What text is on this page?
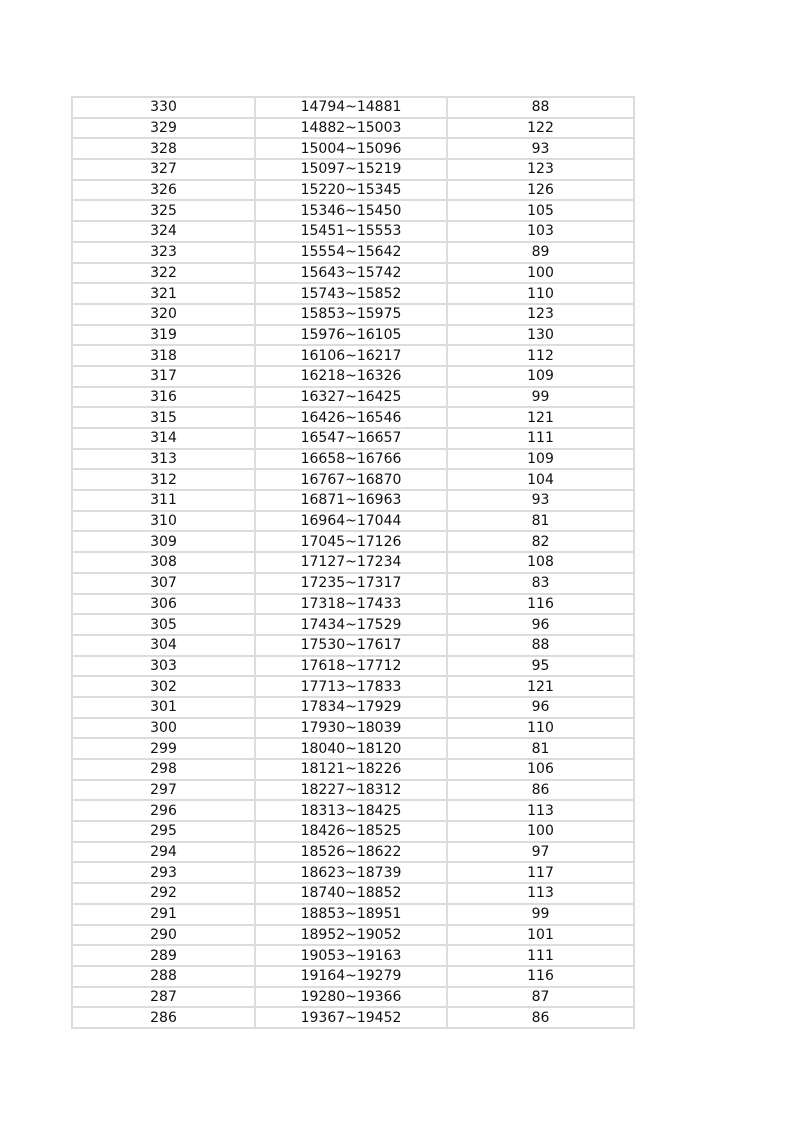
330	14794~14881	88
329	14882~15003	122
328	15004~15096	93
327	15097~15219	123
326	15220~15345	126
325	15346~15450	105
324	15451~15553	103
323	15554~15642	89
322	15643~15742	100
321	15743~15852	110
320	15853~15975	123
319	15976~16105	130
318	16106~16217	112
317	16218~16326	109
316	16327~16425	99
315	16426~16546	121
314	16547~16657	111
313	16658~16766	109
312	16767~16870	104
311	16871~16963	93
310	16964~17044	81
309	17045~17126	82
308	17127~17234	108
307	17235~17317	83
306	17318~17433	116
305	17434~17529	96
304	17530~17617	88
303	17618~17712	95
302	17713~17833	121
301	17834~17929	96
300	17930~18039	110
299	18040~18120	81
298	18121~18226	106
297	18227~18312	86
296	18313~18425	113
295	18426~18525	100
294	18526~18622	97
293	18623~18739	117
292	18740~18852	113
291	18853~18951	99
290	18952~19052	101
289	19053~19163	111
288	19164~19279	116
287	19280~19366	87
286	19367~19452	86
